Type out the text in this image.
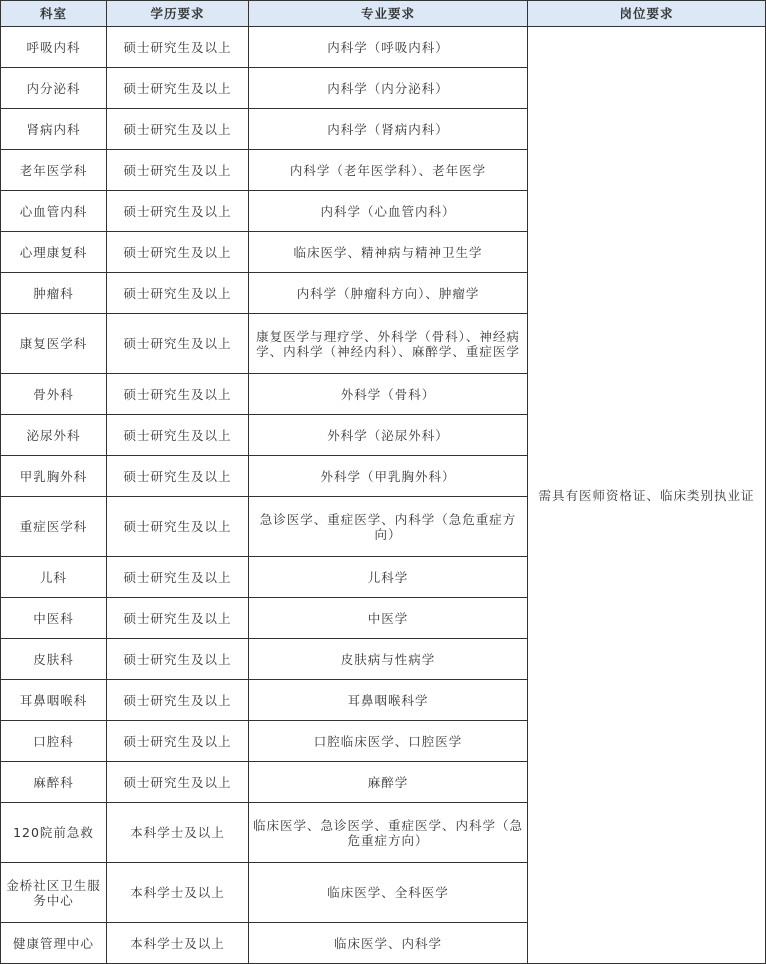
科室	学历要求	专业要求	岗位要求
呼吸内科	硕士研究生及以上	内科学（呼吸内科）	需具有医师资格证、临床类别执业证
内分泌科	硕士研究生及以上	内科学（内分泌科）	
肾病内科	硕士研究生及以上	内科学（肾病内科）	
老年医学科	硕士研究生及以上	内科学（老年医学科）、老年医学	
心血管内科	硕士研究生及以上	内科学（心血管内科）	
心理康复科	硕士研究生及以上	临床医学、精神病与精神卫生学	
肿瘤科	硕士研究生及以上	内科学（肿瘤科方向）、肿瘤学	
康复医学科	硕士研究生及以上	康复医学与理疗学、外科学（骨科）、神经病学、内科学（神经内科）、麻醉学、重症医学	
骨外科	硕士研究生及以上	外科学（骨科）	
泌尿外科	硕士研究生及以上	外科学（泌尿外科）	
甲乳胸外科	硕士研究生及以上	外科学（甲乳胸外科）	
重症医学科	硕士研究生及以上	急诊医学、重症医学、内科学（急危重症方向）	
儿科	硕士研究生及以上	儿科学	
中医科	硕士研究生及以上	中医学	
皮肤科	硕士研究生及以上	皮肤病与性病学	
耳鼻咽喉科	硕士研究生及以上	耳鼻咽喉科学	
口腔科	硕士研究生及以上	口腔临床医学、口腔医学	
麻醉科	硕士研究生及以上	麻醉学	
120院前急救	本科学士及以上	临床医学、急诊医学、重症医学、内科学（急危重症方向）	
金桥社区卫生服务中心	本科学士及以上	临床医学、全科医学	
健康管理中心	本科学士及以上	临床医学、内科学	
